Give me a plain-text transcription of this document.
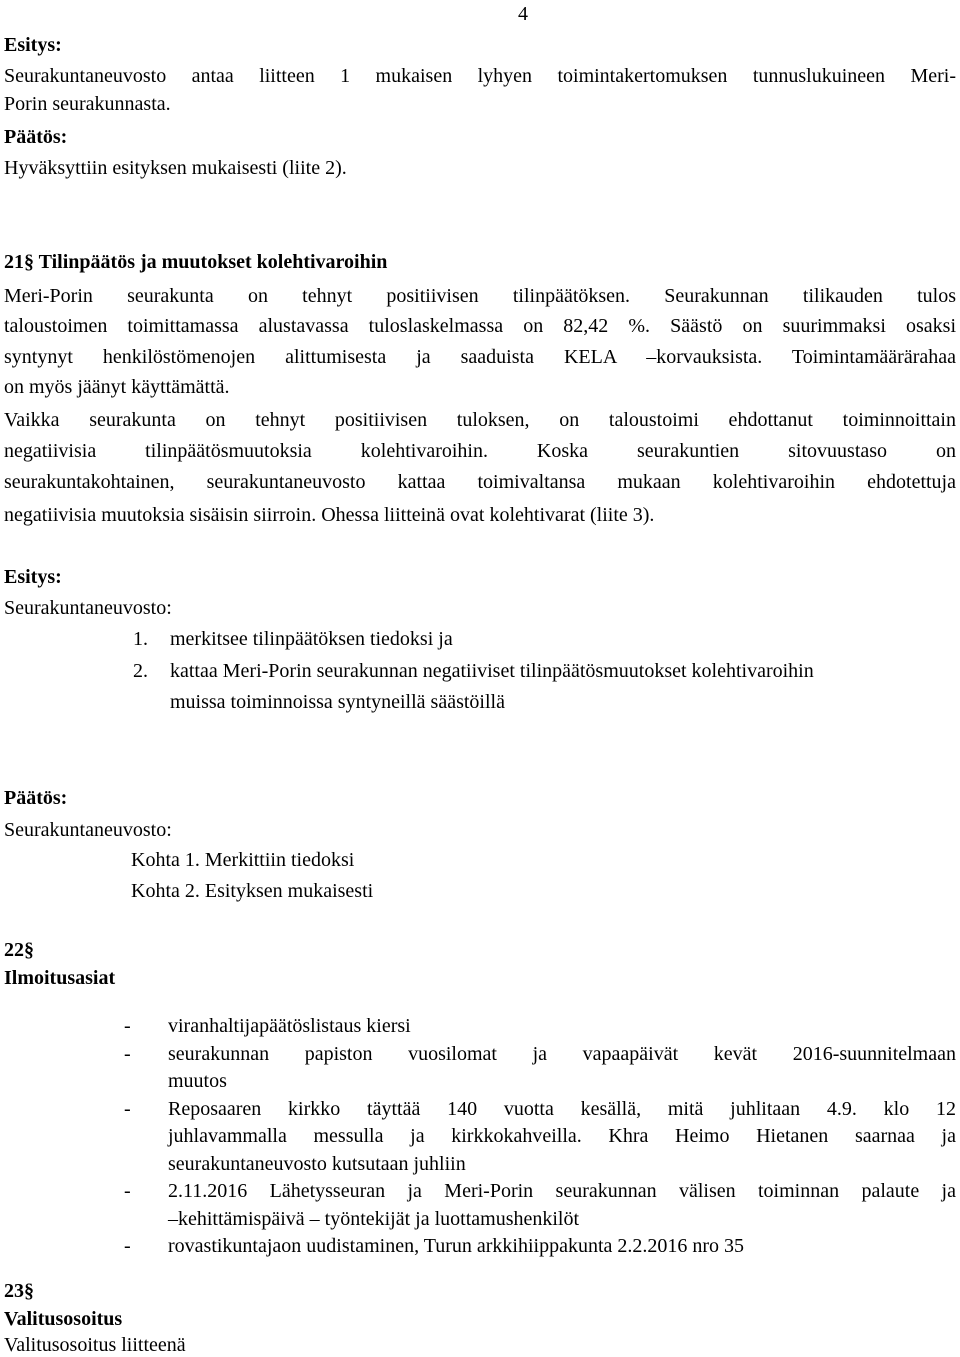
4
Esitys:
Seurakuntaneuvosto antaa liitteen 1 mukaisen lyhyen toimintakertomuksen tunnuslukuineen Meri-
Porin seurakunnasta.
Päätös:
Hyväksyttiin esityksen mukaisesti (liite 2).
21§ Tilinpäätös ja muutokset kolehtivaroihin
Meri-Porin seurakunta on tehnyt positiivisen tilinpäätöksen. Seurakunnan tilikauden tulos
taloustoimen toimittamassa alustavassa tuloslaskelmassa on 82,42 %. Säästö on suurimmaksi osaksi
syntynyt henkilöstömenojen alittumisesta ja saaduista KELA –korvauksista. Toimintamäärärahaa
on myös jäänyt käyttämättä.
Vaikka seurakunta on tehnyt positiivisen tuloksen, on taloustoimi ehdottanut toiminnoittain
negatiivisia tilinpäätösmuutoksia kolehtivaroihin. Koska seurakuntien sitovuustaso on
seurakuntakohtainen, seurakuntaneuvosto kattaa toimivaltansa mukaan kolehtivaroihin ehdotettuja
negatiivisia muutoksia sisäisin siirroin. Ohessa liitteinä ovat kolehtivarat (liite 3).
Esitys:
Seurakuntaneuvosto:
1. merkitsee tilinpäätöksen tiedoksi ja
2. kattaa Meri-Porin seurakunnan negatiiviset tilinpäätösmuutokset kolehtivaroihin
muissa toiminnoissa syntyneillä säästöillä
Päätös:
Seurakuntaneuvosto:
Kohta 1. Merkittiin tiedoksi
Kohta 2. Esityksen mukaisesti
22§
Ilmoitusasiat
- viranhaltijapäätöslistaus kiersi
- seurakunnan papiston vuosilomat ja vapaapäivät kevät 2016-suunnitelmaan
muutos
- Reposaaren kirkko täyttää 140 vuotta kesällä, mitä juhlitaan 4.9. klo 12
juhlavammalla messulla ja kirkkokahveilla. Khra Heimo Hietanen saarnaa ja
seurakuntaneuvosto kutsutaan juhliin
- 2.11.2016 Lähetysseuran ja Meri-Porin seurakunnan välisen toiminnan palaute ja
–kehittämispäivä – työntekijät ja luottamushenkilöt
- rovastikuntajaon uudistaminen, Turun arkkihiippakunta 2.2.2016 nro 35
23§
Valitusosoitus
Valitusosoitus liitteenä
